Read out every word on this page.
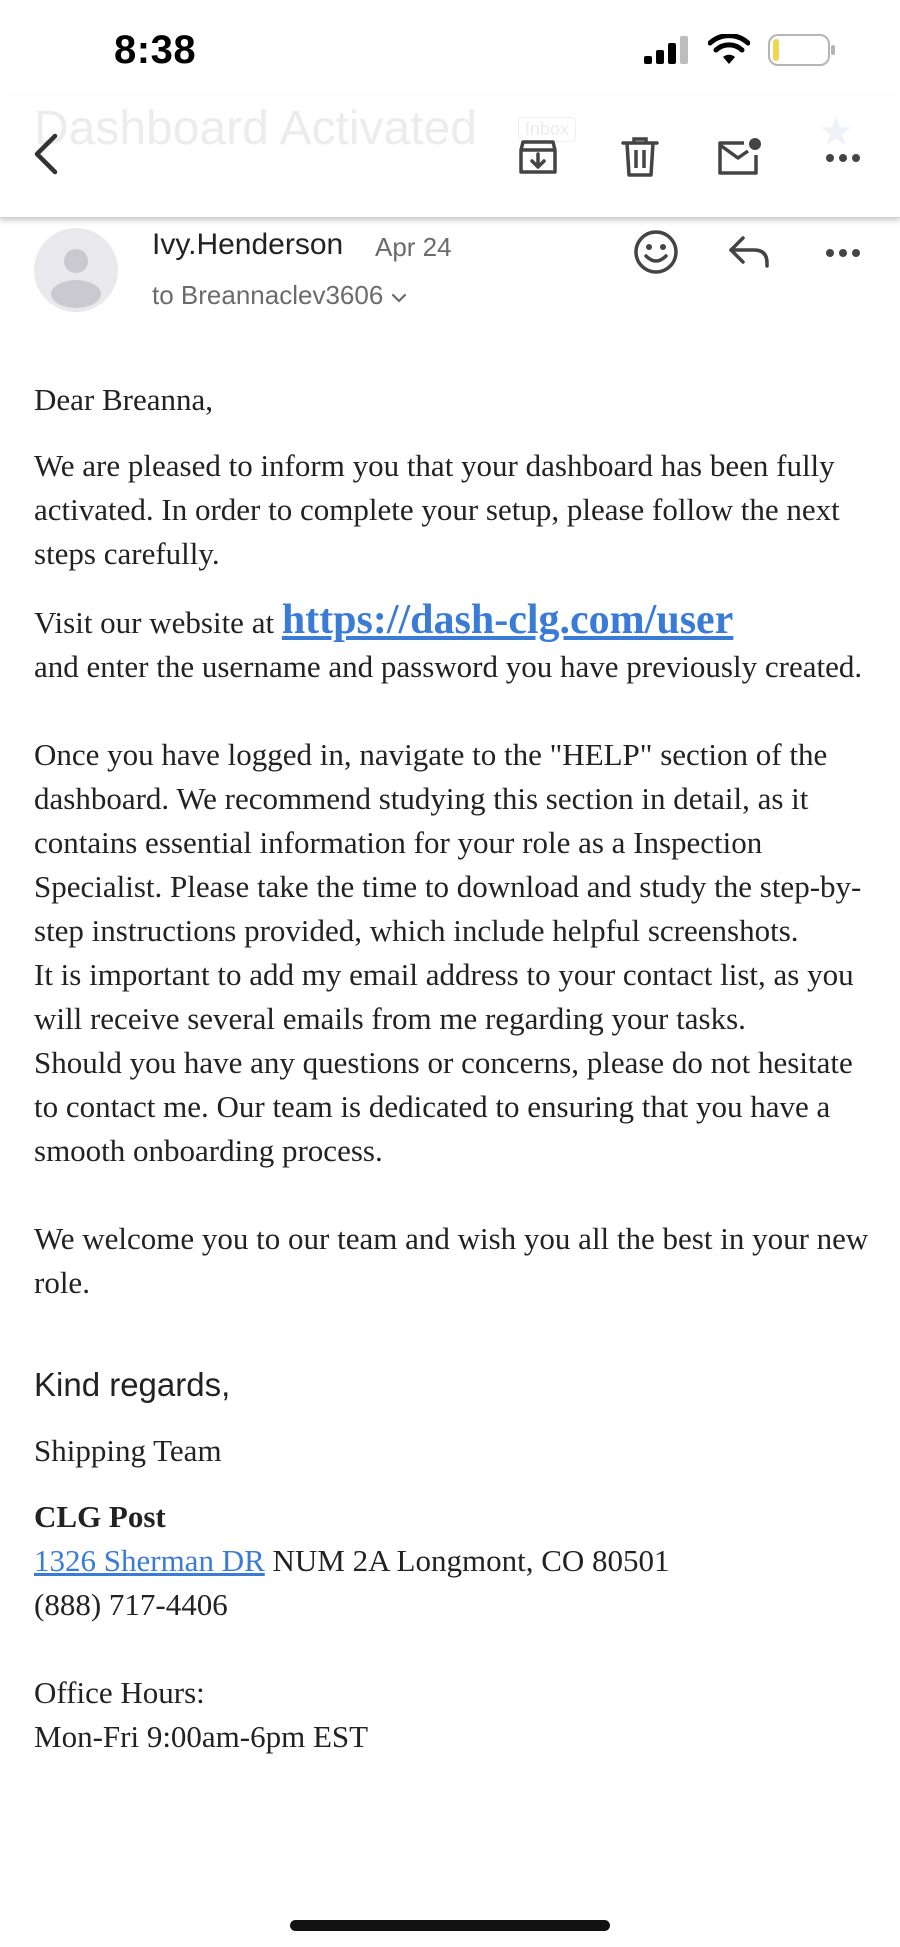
8:38
Dashboard Activated	Inbox	★
Ivy.Henderson Apr 24
to Breannaclev3606

Dear Breanna,

We are pleased to inform you that your dashboard has been fully activated. In order to complete your setup, please follow the next steps carefully.

Visit our website at https://dash-clg.com/user
and enter the username and password you have previously created.

Once you have logged in, navigate to the "HELP" section of the dashboard. We recommend studying this section in detail, as it contains essential information for your role as a Inspection Specialist. Please take the time to download and study the step-by-step instructions provided, which include helpful screenshots.

It is important to add my email address to your contact list, as you will receive several emails from me regarding your tasks.

Should you have any questions or concerns, please do not hesitate to contact me. Our team is dedicated to ensuring that you have a smooth onboarding process.

We welcome you to our team and wish you all the best in your new role.

Kind regards,

Shipping Team

CLG Post

1326 Sherman DR NUM 2A Longmont, CO 80501

(888) 717-4406

Office Hours:

Mon-Fri 9:00am-6pm EST
